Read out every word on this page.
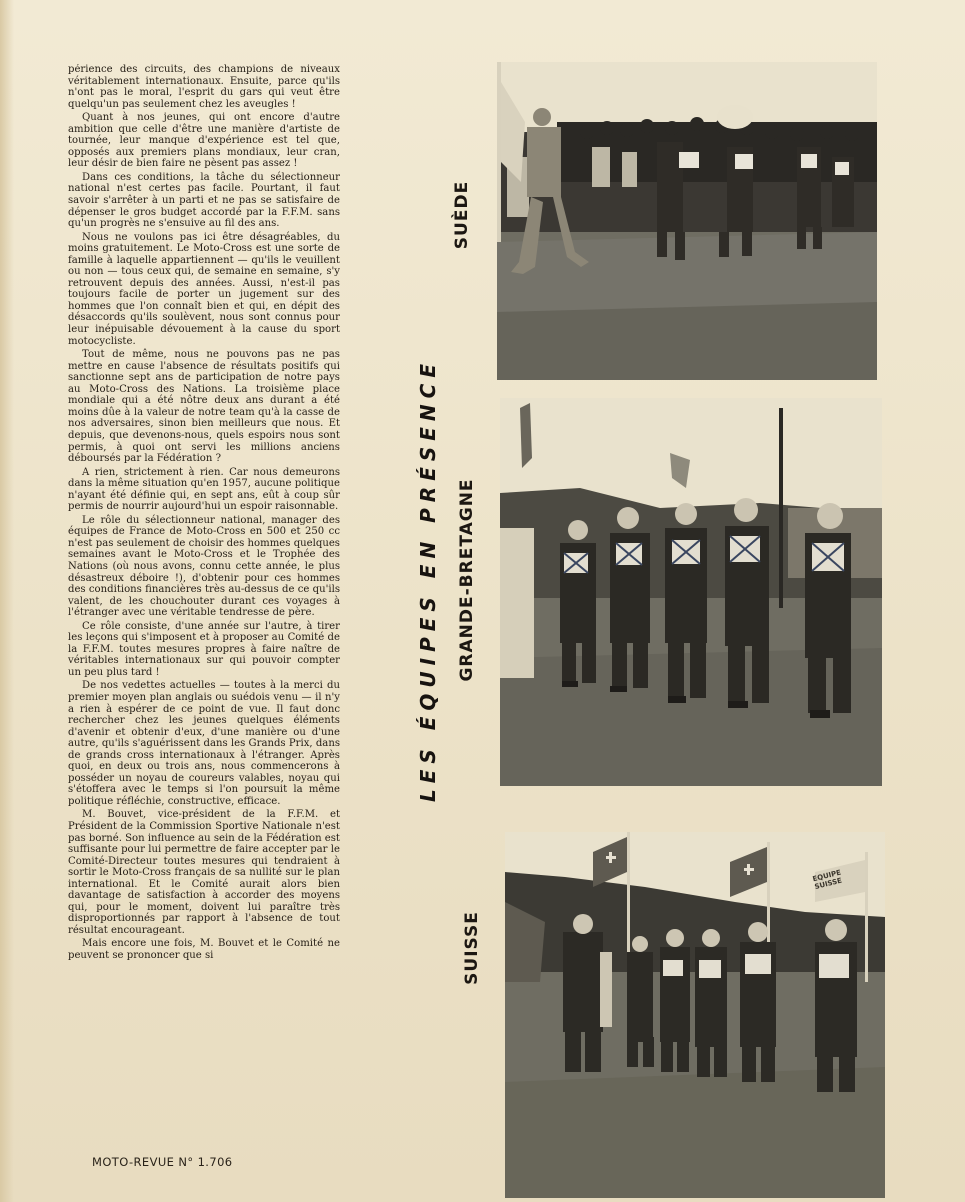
périence des circuits, des champions de niveaux véritablement internationaux. Ensuite, parce qu'ils n'ont pas le moral, l'esprit du gars qui veut être quelqu'un pas seulement chez les aveugles !

Quant à nos jeunes, qui ont encore d'autre ambition que celle d'être une manière d'artiste de tournée, leur manque d'expérience est tel que, opposés aux premiers plans mondiaux, leur cran, leur désir de bien faire ne pèsent pas assez !

Dans ces conditions, la tâche du sélectionneur national n'est certes pas facile. Pourtant, il faut savoir s'arrêter à un parti et ne pas se satisfaire de dépenser le gros budget accordé par la F.F.M. sans qu'un progrès ne s'ensuive au fil des ans.

Nous ne voulons pas ici être désagréables, du moins gratuitement. Le Moto-Cross est une sorte de famille à laquelle appartiennent — qu'ils le veuillent ou non — tous ceux qui, de semaine en semaine, s'y retrouvent depuis des années. Aussi, n'est-il pas toujours facile de porter un jugement sur des hommes que l'on connaît bien et qui, en dépit des désaccords qu'ils soulèvent, nous sont connus pour leur inépuisable dévouement à la cause du sport motocycliste.

Tout de même, nous ne pouvons pas ne pas mettre en cause l'absence de résultats positifs qui sanctionne sept ans de participation de notre pays au Moto-Cross des Nations. La troisième place mondiale qui a été nôtre deux ans durant a été moins dûe à la valeur de notre team qu'à la casse de nos adversaires, sinon bien meilleurs que nous. Et depuis, que devenons-nous, quels espoirs nous sont permis, à quoi ont servi les millions anciens déboursés par la Fédération ?

A rien, strictement à rien. Car nous demeurons dans la même situation qu'en 1957, aucune politique n'ayant été définie qui, en sept ans, eût à coup sûr permis de nourrir aujourd'hui un espoir raisonnable.

Le rôle du sélectionneur national, manager des équipes de France de Moto-Cross en 500 et 250 cc n'est pas seulement de choisir des hommes quelques semaines avant le Moto-Cross et le Trophée des Nations (où nous avons, connu cette année, le plus désastreux déboire !), d'obtenir pour ces hommes des conditions financières très au-dessus de ce qu'ils valent, de les chouchouter durant ces voyages à l'étranger avec une véritable tendresse de père.

Ce rôle consiste, d'une année sur l'autre, à tirer les leçons qui s'imposent et à proposer au Comité de la F.F.M. toutes mesures propres à faire naître de véritables internationaux sur qui pouvoir compter un peu plus tard !

De nos vedettes actuelles — toutes à la merci du premier moyen plan anglais ou suédois venu — il n'y a rien à espérer de ce point de vue. Il faut donc rechercher chez les jeunes quelques éléments d'avenir et obtenir d'eux, d'une manière ou d'une autre, qu'ils s'aguérissent dans les Grands Prix, dans de grands cross internationaux à l'étranger. Après quoi, en deux ou trois ans, nous commencerons à posséder un noyau de coureurs valables, noyau qui s'étoffera avec le temps si l'on poursuit la même politique réfléchie, constructive, efficace.

M. Bouvet, vice-président de la F.F.M. et Président de la Commission Sportive Nationale n'est pas borné. Son influence au sein de la Fédération est suffisante pour lui permettre de faire accepter par le Comité-Directeur toutes mesures qui tendraient à sortir le Moto-Cross français de sa nullité sur le plan international. Et le Comité aurait alors bien davantage de satisfaction à accorder des moyens qui, pour le moment, doivent lui paraître très disproportionnés par rapport à l'absence de tout résultat encourageant.

Mais encore une fois, M. Bouvet et le Comité ne peuvent se prononcer que si

MOTO-REVUE N° 1.706
LES ÉQUIPES EN PRÉSENCE
SUÈDE
GRANDE-BRETAGNE
SUISSE
EQUIPE SUISSE
